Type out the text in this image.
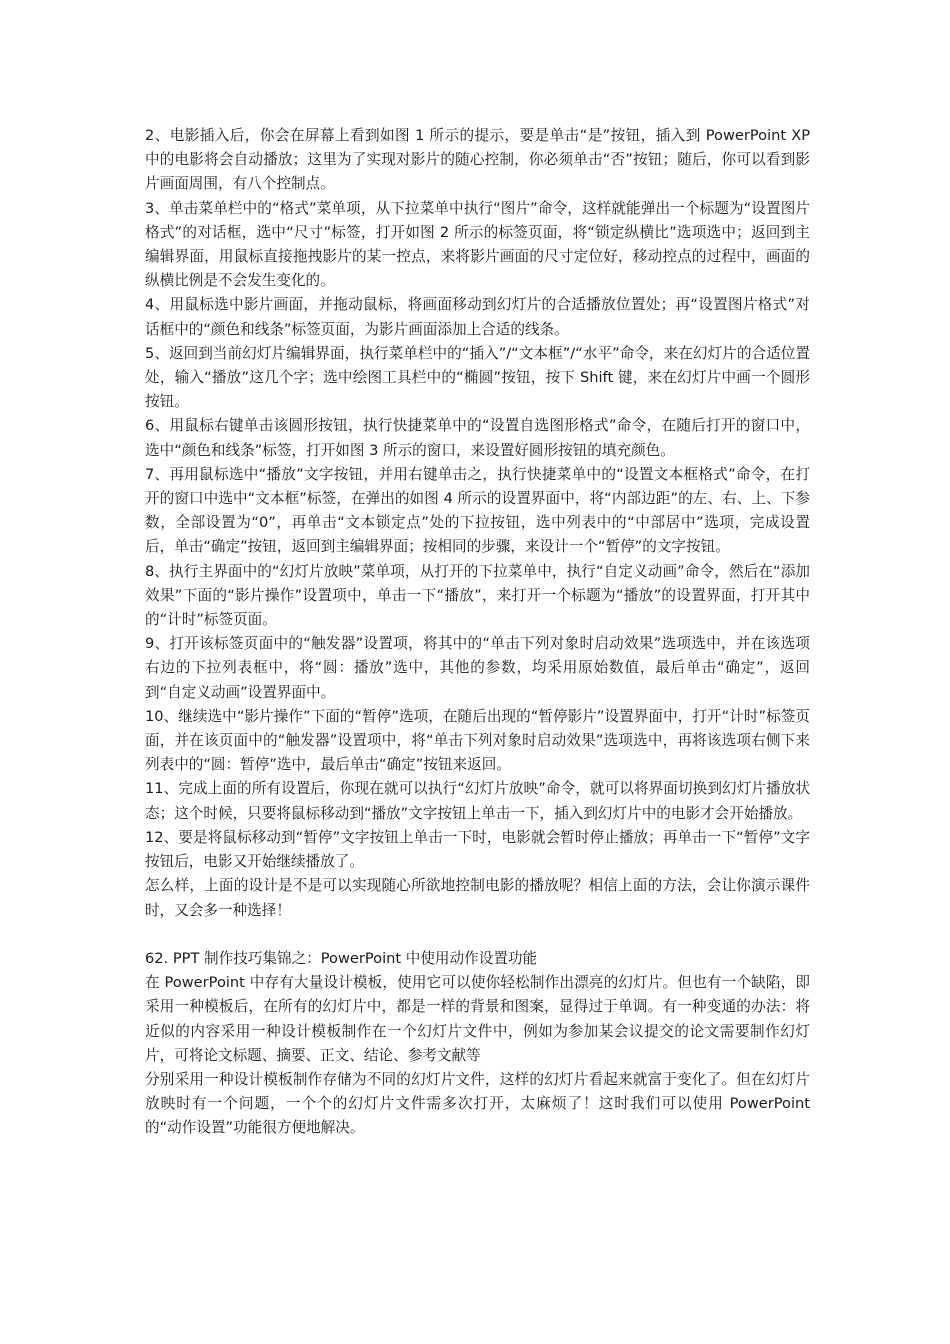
2、电影插入后，你会在屏幕上看到如图 1 所示的提示，要是单击“是”按钮，插入到 PowerPoint XP 中的电影将会自动播放；这里为了实现对影片的随心控制，你必须单击“否”按钮；随后，你可以看到影片画面周围，有八个控制点。

3、单击菜单栏中的“格式”菜单项，从下拉菜单中执行“图片”命令，这样就能弹出一个标题为“设置图片格式”的对话框，选中“尺寸”标签，打开如图 2 所示的标签页面，将“锁定纵横比”选项选中；返回到主编辑界面，用鼠标直接拖拽影片的某一控点，来将影片画面的尺寸定位好，移动控点的过程中，画面的纵横比例是不会发生变化的。

4、用鼠标选中影片画面，并拖动鼠标，将画面移动到幻灯片的合适播放位置处；再“设置图片格式”对话框中的“颜色和线条”标签页面，为影片画面添加上合适的线条。

5、返回到当前幻灯片编辑界面，执行菜单栏中的“插入”/“文本框”/“水平”命令，来在幻灯片的合适位置处，输入“播放”这几个字；选中绘图工具栏中的“椭圆”按钮，按下 Shift 键，来在幻灯片中画一个圆形按钮。

6、用鼠标右键单击该圆形按钮，执行快捷菜单中的“设置自选图形格式”命令，在随后打开的窗口中，选中“颜色和线条”标签，打开如图 3 所示的窗口，来设置好圆形按钮的填充颜色。

7、再用鼠标选中“播放”文字按钮，并用右键单击之，执行快捷菜单中的“设置文本框格式”命令，在打开的窗口中选中“文本框”标签，在弹出的如图 4 所示的设置界面中，将“内部边距”的左、右、上、下参数，全部设置为“0”，再单击“文本锁定点”处的下拉按钮，选中列表中的“中部居中”选项，完成设置后，单击“确定”按钮，返回到主编辑界面；按相同的步骤，来设计一个“暂停”的文字按钮。

8、执行主界面中的“幻灯片放映”菜单项，从打开的下拉菜单中，执行“自定义动画”命令，然后在“添加效果”下面的“影片操作”设置项中，单击一下“播放”，来打开一个标题为“播放”的设置界面，打开其中的“计时”标签页面。

9、打开该标签页面中的“触发器”设置项，将其中的“单击下列对象时启动效果”选项选中，并在该选项右边的下拉列表框中，将“圆：播放”选中，其他的参数，均采用原始数值，最后单击“确定”，返回到“自定义动画”设置界面中。

10、继续选中“影片操作”下面的“暂停”选项，在随后出现的“暂停影片”设置界面中，打开“计时”标签页面，并在该页面中的“触发器”设置项中，将“单击下列对象时启动效果”选项选中，再将该选项右侧下来列表中的“圆：暂停”选中，最后单击“确定”按钮来返回。

11、完成上面的所有设置后，你现在就可以执行“幻灯片放映”命令，就可以将界面切换到幻灯片播放状态；这个时候，只要将鼠标移动到“播放”文字按钮上单击一下，插入到幻灯片中的电影才会开始播放。

12、要是将鼠标移动到“暂停”文字按钮上单击一下时，电影就会暂时停止播放；再单击一下“暂停”文字按钮后，电影又开始继续播放了。

怎么样，上面的设计是不是可以实现随心所欲地控制电影的播放呢？相信上面的方法，会让你演示课件时，又会多一种选择！

62. PPT 制作技巧集锦之：PowerPoint 中使用动作设置功能

在 PowerPoint 中存有大量设计模板，使用它可以使你轻松制作出漂亮的幻灯片。但也有一个缺陷，即采用一种模板后，在所有的幻灯片中，都是一样的背景和图案，显得过于单调。有一种变通的办法：将近似的内容采用一种设计模板制作在一个幻灯片文件中，例如为参加某会议提交的论文需要制作幻灯片，可将论文标题、摘要、正文、结论、参考文献等

分别采用一种设计模板制作存储为不同的幻灯片文件，这样的幻灯片看起来就富于变化了。但在幻灯片放映时有一个问题，一个个的幻灯片文件需多次打开，太麻烦了！这时我们可以使用 PowerPoint 的“动作设置”功能很方便地解决。
